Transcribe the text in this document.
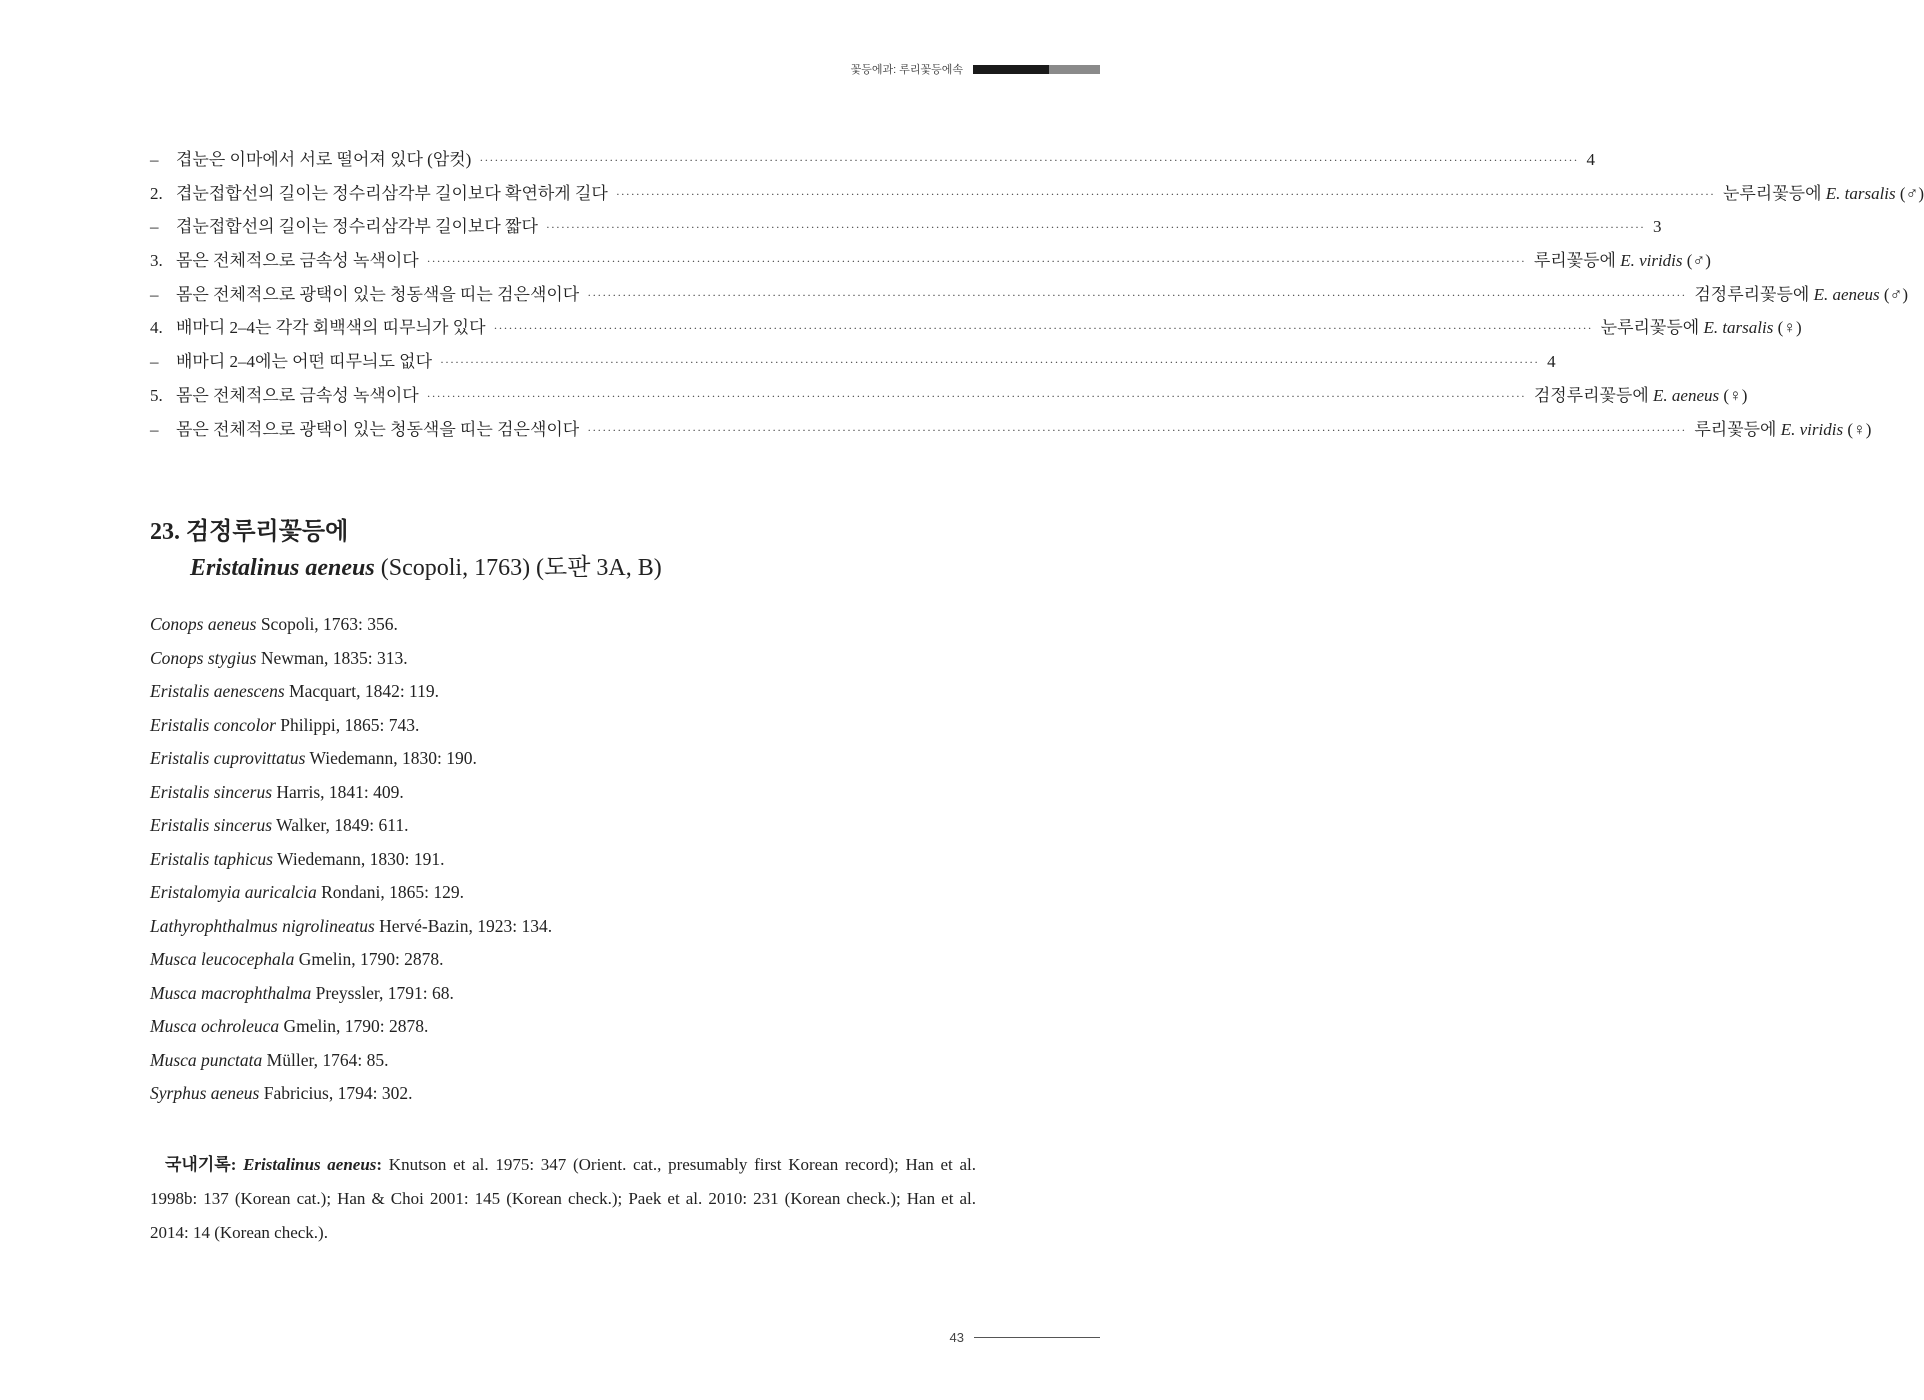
꽃등에과: 루리꽃등에속
–	겹눈은 이마에서 서로 떨어져 있다 (암컷) ···························································································································································································································· 4
2. 겹눈접합선의 길이는 정수리삼각부 길이보다 확연하게 길다 ···························································································································································································································· 눈루리꽃등에 E. tarsalis (♂)
–	겹눈접합선의 길이는 정수리삼각부 길이보다 짧다 ···························································································································································································································· 3
3. 몸은 전체적으로 금속성 녹색이다 ···························································································································································································································· 루리꽃등에 E. viridis (♂)
–	몸은 전체적으로 광택이 있는 청동색을 띠는 검은색이다 ···························································································································································································································· 검정루리꽃등에 E. aeneus (♂)
4. 배마디 2–4는 각각 회백색의 띠무늬가 있다 ···························································································································································································································· 눈루리꽃등에 E. tarsalis (♀)
–	배마디 2–4에는 어떤 띠무늬도 없다 ···························································································································································································································· 4
5. 몸은 전체적으로 금속성 녹색이다 ···························································································································································································································· 검정루리꽃등에 E. aeneus (♀)
–	몸은 전체적으로 광택이 있는 청동색을 띠는 검은색이다 ···························································································································································································································· 루리꽃등에 E. viridis (♀)
23. 검정루리꽃등에
Eristalinus aeneus (Scopoli, 1763) (도판 3A, B)
Conops aeneus Scopoli, 1763: 356.
Conops stygius Newman, 1835: 313.
Eristalis aenescens Macquart, 1842: 119.
Eristalis concolor Philippi, 1865: 743.
Eristalis cuprovittatus Wiedemann, 1830: 190.
Eristalis sincerus Harris, 1841: 409.
Eristalis sincerus Walker, 1849: 611.
Eristalis taphicus Wiedemann, 1830: 191.
Eristalomyia auricalcia Rondani, 1865: 129.
Lathyrophthalmus nigrolineatus Hervé-Bazin, 1923: 134.
Musca leucocephala Gmelin, 1790: 2878.
Musca macrophthalma Preyssler, 1791: 68.
Musca ochroleuca Gmelin, 1790: 2878.
Musca punctata Müller, 1764: 85.
Syrphus aeneus Fabricius, 1794: 302.
국내기록: Eristalinus aeneus: Knutson et al. 1975: 347 (Orient. cat., presumably first Korean record); Han et al. 1998b: 137 (Korean cat.); Han & Choi 2001: 145 (Korean check.); Paek et al. 2010: 231 (Korean check.); Han et al. 2014: 14 (Korean check.).
43
